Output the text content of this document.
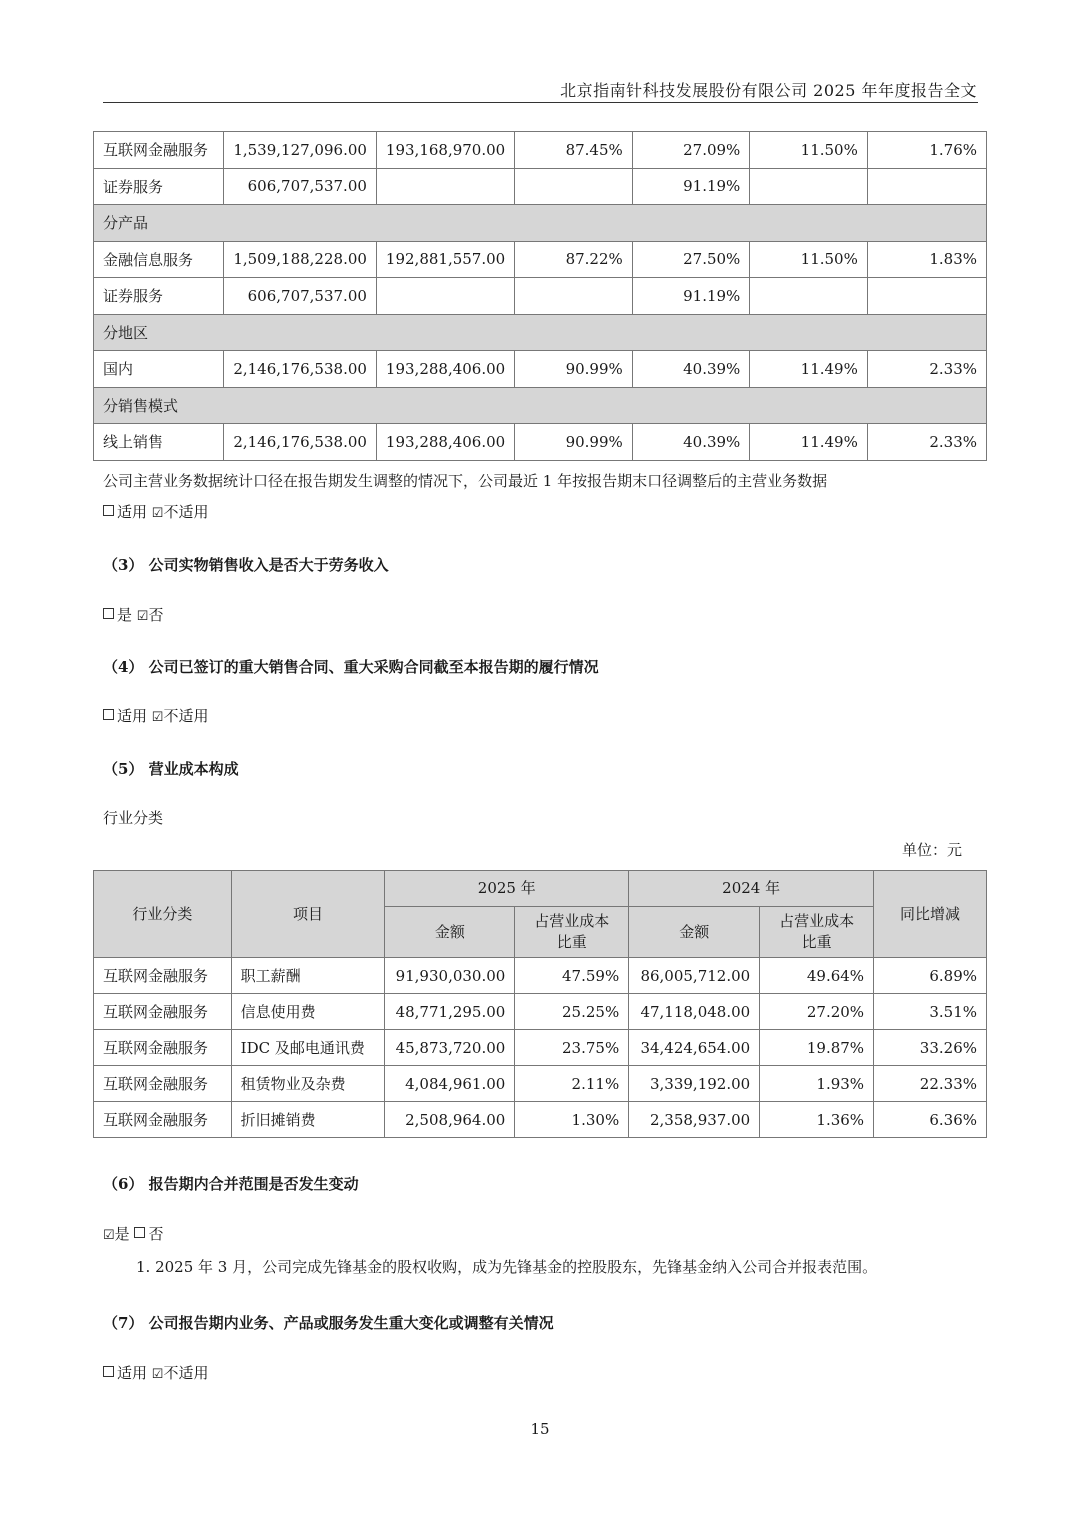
北京指南针科技发展股份有限公司 2025 年年度报告全文
互联网金融服务	1,539,127,096.00	193,168,970.00	87.45%	27.09%	11.50%	1.76%
证券服务	606,707,537.00			91.19%		
分产品						
金融信息服务	1,509,188,228.00	192,881,557.00	87.22%	27.50%	11.50%	1.83%
证券服务	606,707,537.00			91.19%		
分地区						
国内	2,146,176,538.00	193,288,406.00	90.99%	40.39%	11.49%	2.33%
分销售模式						
线上销售	2,146,176,538.00	193,288,406.00	90.99%	40.39%	11.49%	2.33%
公司主营业务数据统计口径在报告期发生调整的情况下，公司最近 1 年按报告期末口径调整后的主营业务数据
适用 ☑不适用
（3） 公司实物销售收入是否大于劳务收入
是 ☑否
（4） 公司已签订的重大销售合同、重大采购合同截至本报告期的履行情况
适用 ☑不适用
（5） 营业成本构成
行业分类
单位：元
行业分类	项目	2025 年		2024 年		同比增减
		金额	占营业成本比重	金额	占营业成本比重	
互联网金融服务	职工薪酬	91,930,030.00	47.59%	86,005,712.00	49.64%	6.89%
互联网金融服务	信息使用费	48,771,295.00	25.25%	47,118,048.00	27.20%	3.51%
互联网金融服务	IDC 及邮电通讯费	45,873,720.00	23.75%	34,424,654.00	19.87%	33.26%
互联网金融服务	租赁物业及杂费	4,084,961.00	2.11%	3,339,192.00	1.93%	22.33%
互联网金融服务	折旧摊销费	2,508,964.00	1.30%	2,358,937.00	1.36%	6.36%
（6） 报告期内合并范围是否发生变动
☑是 否
1. 2025 年 3 月，公司完成先锋基金的股权收购，成为先锋基金的控股股东，先锋基金纳入公司合并报表范围。
（7） 公司报告期内业务、产品或服务发生重大变化或调整有关情况
适用 ☑不适用
15
